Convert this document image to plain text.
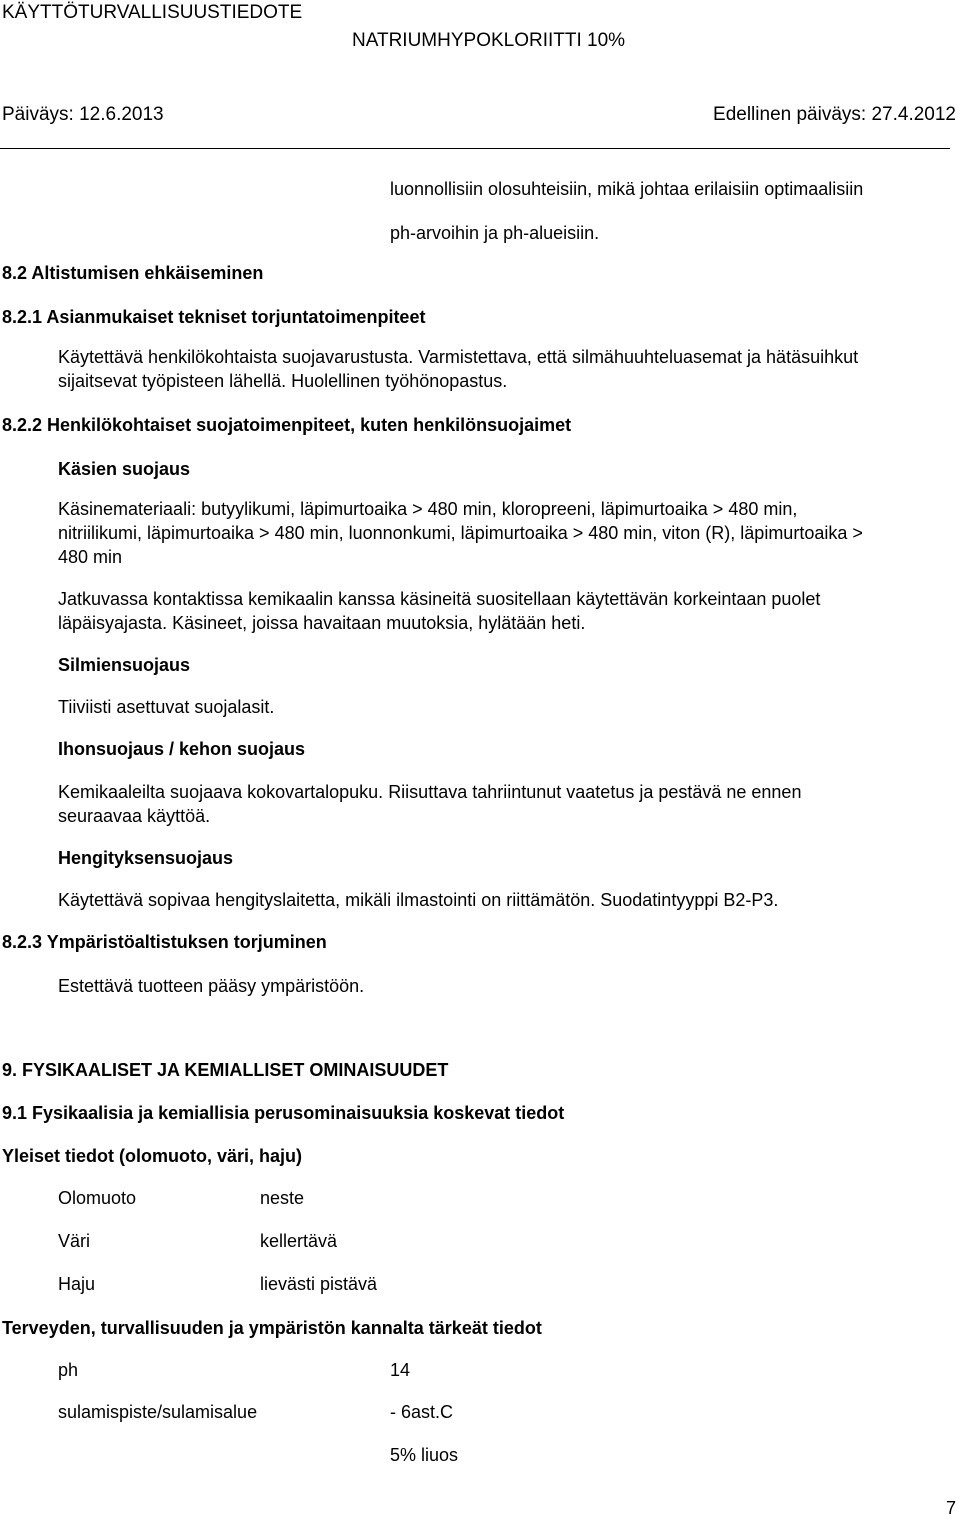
KÄYTTÖTURVALLISUUSTIEDOTE
NATRIUMHYPOKLORIITTI 10%
Päiväys: 12.6.2013	Edellinen päiväys: 27.4.2012
luonnollisiin olosuhteisiin, mikä johtaa erilaisiin optimaalisiin
ph-arvoihin ja ph-alueisiin.
8.2 Altistumisen ehkäiseminen
8.2.1 Asianmukaiset tekniset torjuntatoimenpiteet
Käytettävä henkilökohtaista suojavarustusta. Varmistettava, että silmähuuhteluasemat ja hätäsuihkut
sijaitsevat työpisteen lähellä. Huolellinen työhönopastus.
8.2.2 Henkilökohtaiset suojatoimenpiteet, kuten henkilönsuojaimet
Käsien suojaus
Käsinemateriaali: butyylikumi, läpimurtoaika > 480 min, kloropreeni, läpimurtoaika > 480 min,
nitriilikumi, läpimurtoaika > 480 min, luonnonkumi, läpimurtoaika > 480 min, viton (R), läpimurtoaika >
480 min
Jatkuvassa kontaktissa kemikaalin kanssa käsineitä suositellaan käytettävän korkeintaan puolet
läpäisyajasta. Käsineet, joissa havaitaan muutoksia, hylätään heti.
Silmiensuojaus
Tiiviisti asettuvat suojalasit.
Ihonsuojaus / kehon suojaus
Kemikaaleilta suojaava kokovartalopuku. Riisuttava tahriintunut vaatetus ja pestävä ne ennen
seuraavaa käyttöä.
Hengityksensuojaus
Käytettävä sopivaa hengityslaitetta, mikäli ilmastointi on riittämätön. Suodatintyyppi B2-P3.
8.2.3 Ympäristöaltistuksen torjuminen
Estettävä tuotteen pääsy ympäristöön.
9. FYSIKAALISET JA KEMIALLISET OMINAISUUDET
9.1 Fysikaalisia ja kemiallisia perusominaisuuksia koskevat tiedot
Yleiset tiedot (olomuoto, väri, haju)
Olomuoto	neste
Väri	kellertävä
Haju	lievästi pistävä
Terveyden, turvallisuuden ja ympäristön kannalta tärkeät tiedot
ph	14
sulamispiste/sulamisalue	- 6ast.C
5% liuos
7
